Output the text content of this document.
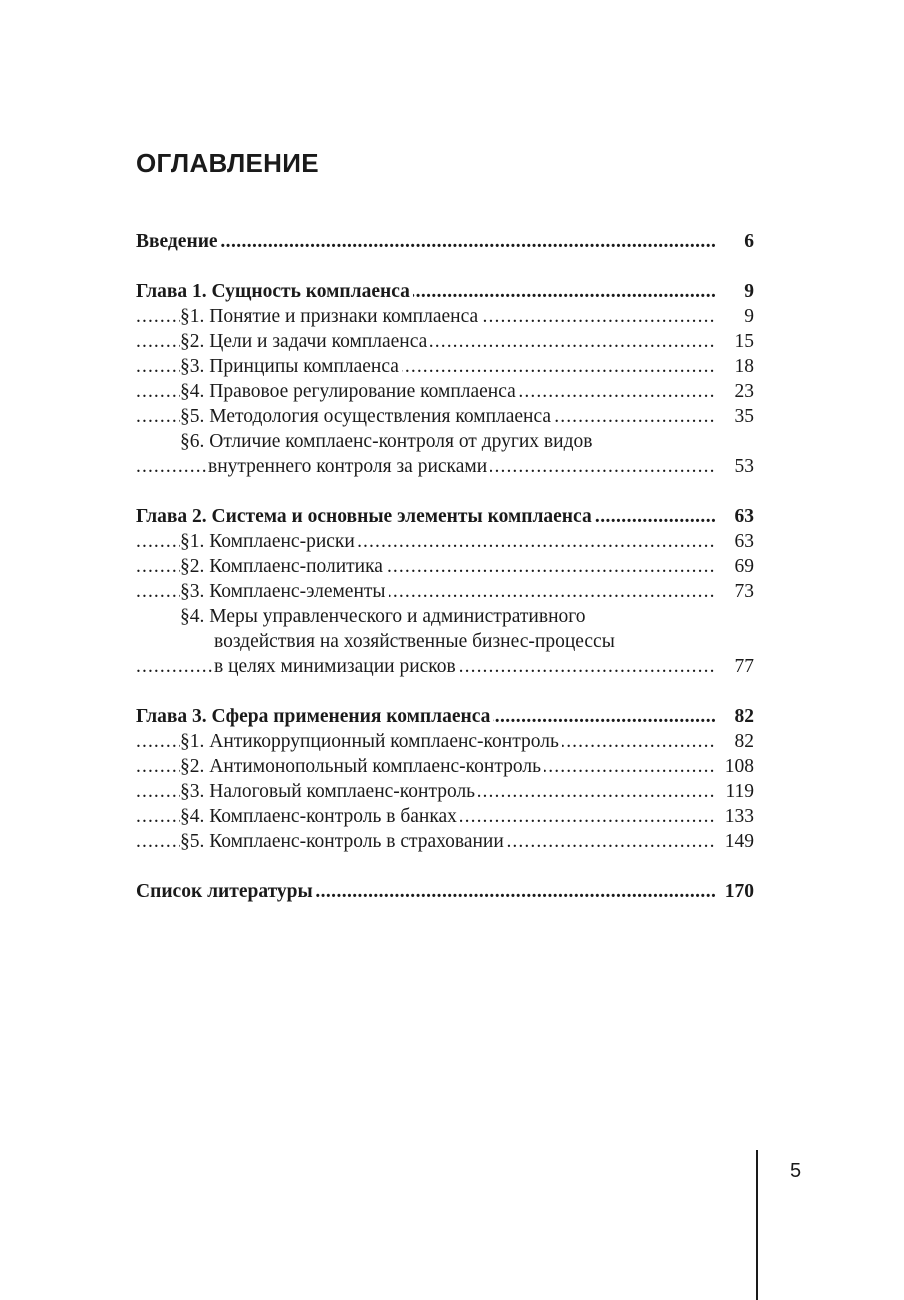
ОГЛАВЛЕНИЕ
Введение	6
.....
Глава 1. Сущность комплаенса	9
.....
§1. Понятие и признаки комплаенса	9
.....
§2. Цели и задачи комплаенса	15
.....
§3. Принципы комплаенса	18
.....
§4. Правовое регулирование комплаенса	23
.....
§5. Методология осуществления комплаенса	35
.....
§6. Отличие комплаенс-контроля от других видов
внутреннего контроля за рисками	53
.....
Глава 2. Система и основные элементы комплаенса	63
.....
§1. Комплаенс-риски	63
.....
§2. Комплаенс-политика	69
.....
§3. Комплаенс-элементы	73
.....
§4. Меры управленческого и административного
воздействия на хозяйственные бизнес-процессы
в целях минимизации рисков	77
.....
Глава 3. Сфера применения комплаенса	82
.....
§1. Антикоррупционный комплаенс-контроль	82
.....
§2. Антимонопольный комплаенс-контроль	108
.....
§3. Налоговый комплаенс-контроль	119
.....
§4. Комплаенс-контроль в банках	133
.....
§5. Комплаенс-контроль в страховании	149
.....
Список литературы	170
.....
5
